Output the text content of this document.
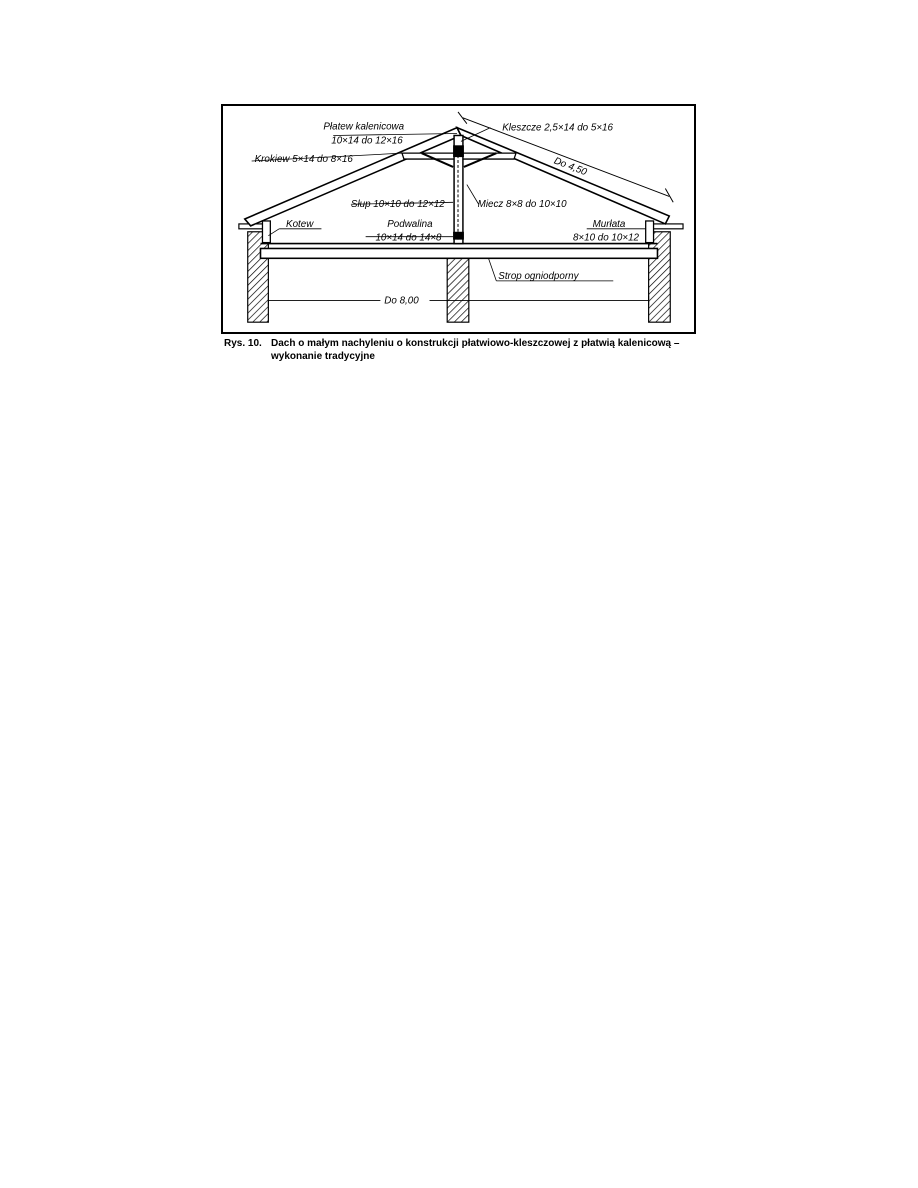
Płatew kalenicowa
10×14 do 12×16
Kleszcze 2,5×14 do 5×16
Krokiew 5×14 do 8×16	Do 4,50
Słup 10×10 do 12×12	Miecz 8×8 do 10×10
Kotew	Podwalina
10×14 do 14×8
Murłata
8×10 do 10×12
Strop ogniodporny
Do 8,00
Rys. 10. Dach o małym nachyleniu o konstrukcji płatwiowo-kleszczowej z płatwią kalenicową – wykonanie tradycyjne
